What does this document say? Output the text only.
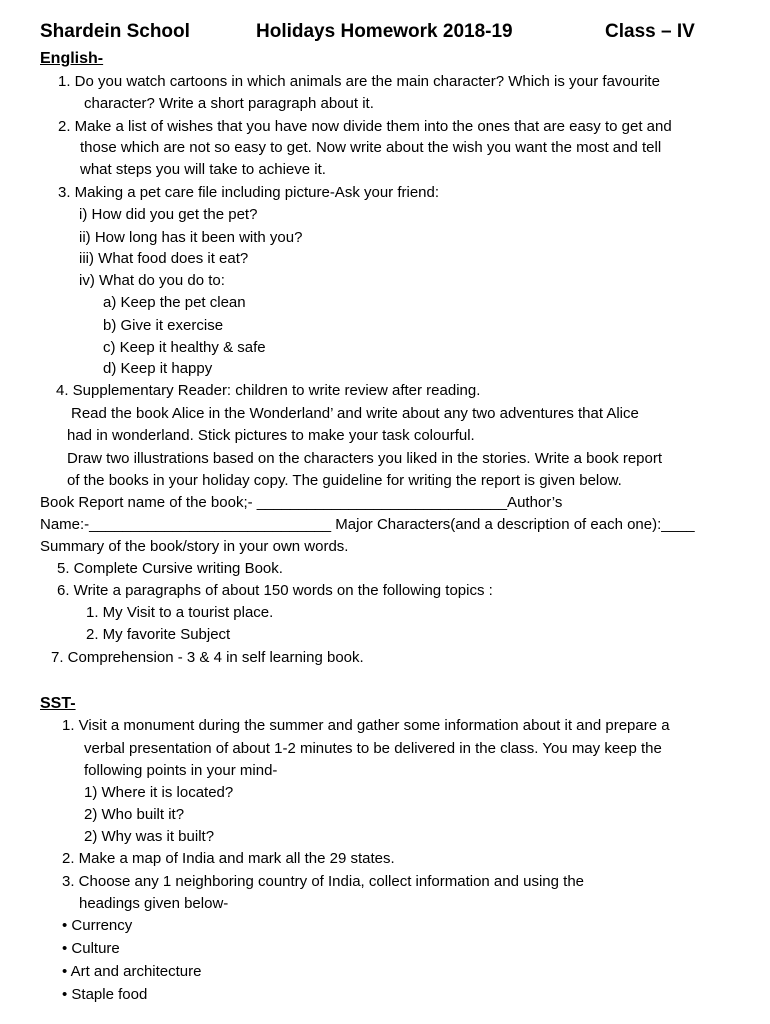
Shardein School	Holidays Homework 2018-19	Class – IV
English-
1. Do you watch cartoons in which animals are the main character? Which is your favourite
character? Write a short paragraph about it.
2. Make a list of wishes that you have now divide them into the ones that are easy to get and
those which are not so easy to get. Now write about the wish you want the most and tell
what steps you will take to achieve it.
3. Making a pet care file including picture-Ask your friend:
i) How did you get the pet?
ii) How long has it been with you?
iii) What food does it eat?
iv) What do you do to:
a) Keep the pet clean
b) Give it exercise
c) Keep it healthy & safe
d) Keep it happy
4. Supplementary Reader: children to write review after reading.
Read the book Alice in the Wonderland’ and write about any two adventures that Alice
had in wonderland. Stick pictures to make your task colourful.
Draw two illustrations based on the characters you liked in the stories. Write a book report
of the books in your holiday copy. The guideline for writing the report is given below.
Book Report name of the book;- ______________________________Author’s
Name:-_____________________________ Major Characters(and a description of each one):____
Summary of the book/story in your own words.
5. Complete Cursive writing Book.
6. Write a paragraphs of about 150 words on the following topics :
1. My Visit to a tourist place.
2. My favorite Subject
7. Comprehension - 3 & 4 in self learning book.
SST-
1. Visit a monument during the summer and gather some information about it and prepare a
verbal presentation of about 1-2 minutes to be delivered in the class. You may keep the
following points in your mind-
1) Where it is located?
2) Who built it?
2) Why was it built?
2. Make a map of India and mark all the 29 states.
3. Choose any 1 neighboring country of India, collect information and using the
headings given below-
• Currency
• Culture
• Art and architecture
• Staple food
